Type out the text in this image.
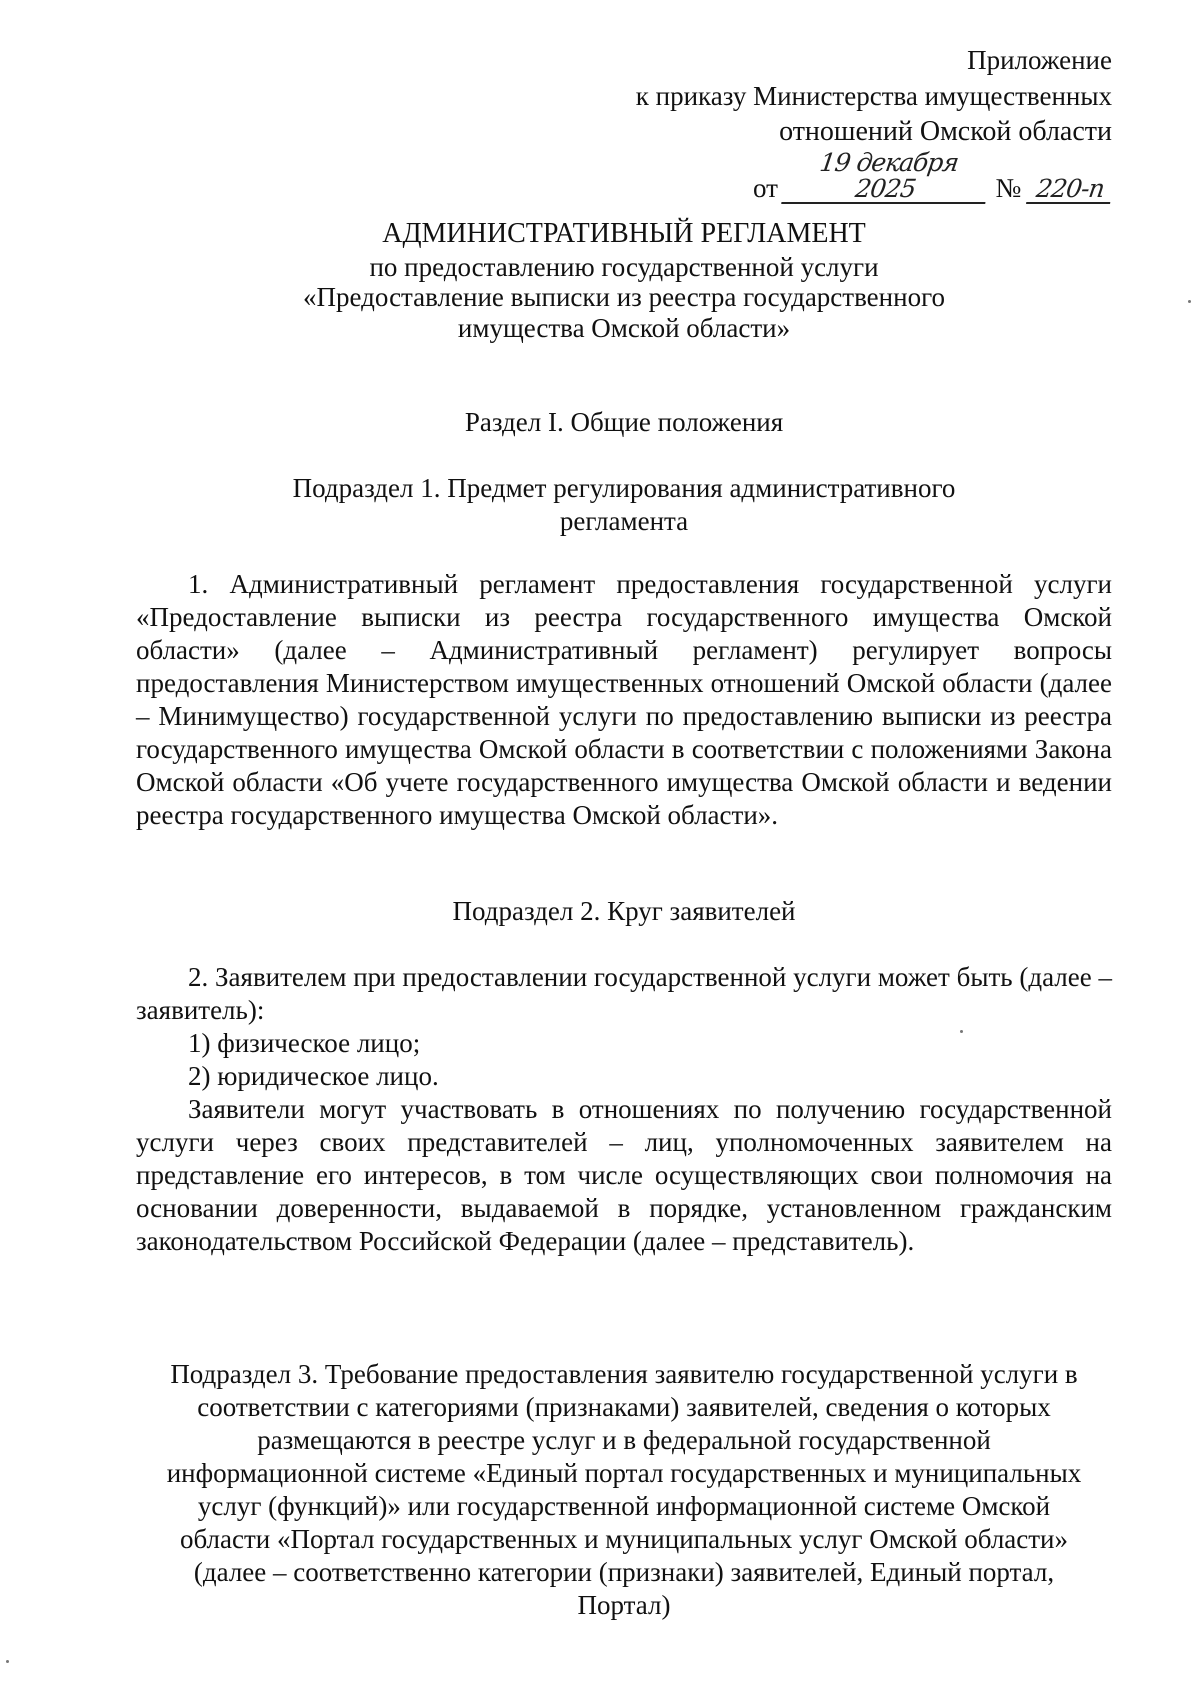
Приложение
к приказу Министерства имущественных
отношений Омской области
от 19 декабря 2025	№ 220-п
АДМИНИСТРАТИВНЫЙ РЕГЛАМЕНТ
по предоставлению государственной услуги
«Предоставление выписки из реестра государственного
имущества Омской области»
Раздел I. Общие положения
Подраздел 1. Предмет регулирования административного
регламента

1. Административный регламент предоставления государственной услуги «Предоставление выписки из реестра государственного имущества Омской области» (далее – Административный регламент) регулирует вопросы предоставления Министерством имущественных отношений Омской области (далее – Минимущество) государственной услуги по предоставлению выписки из реестра государственного имущества Омской области в соответствии с положениями Закона Омской области «Об учете государственного имущества Омской области и ведении реестра государственного имущества Омской области».

Подраздел 2. Круг заявителей

2. Заявителем при предоставлении государственной услуги может быть (далее – заявитель):

1) физическое лицо;

2) юридическое лицо.

Заявители могут участвовать в отношениях по получению государственной услуги через своих представителей – лиц, уполномоченных заявителем на представление его интересов, в том числе осуществляющих свои полномочия на основании доверенности, выдаваемой в порядке, установленном гражданским законодательством Российской Федерации (далее – представитель).

Подраздел 3. Требование предоставления заявителю государственной услуги в
соответствии с категориями (признаками) заявителей, сведения о которых
размещаются в реестре услуг и в федеральной государственной
информационной системе «Единый портал государственных и муниципальных
услуг (функций)» или государственной информационной системе Омской
области «Портал государственных и муниципальных услуг Омской области»
(далее – соответственно категории (признаки) заявителей, Единый портал,
Портал)
